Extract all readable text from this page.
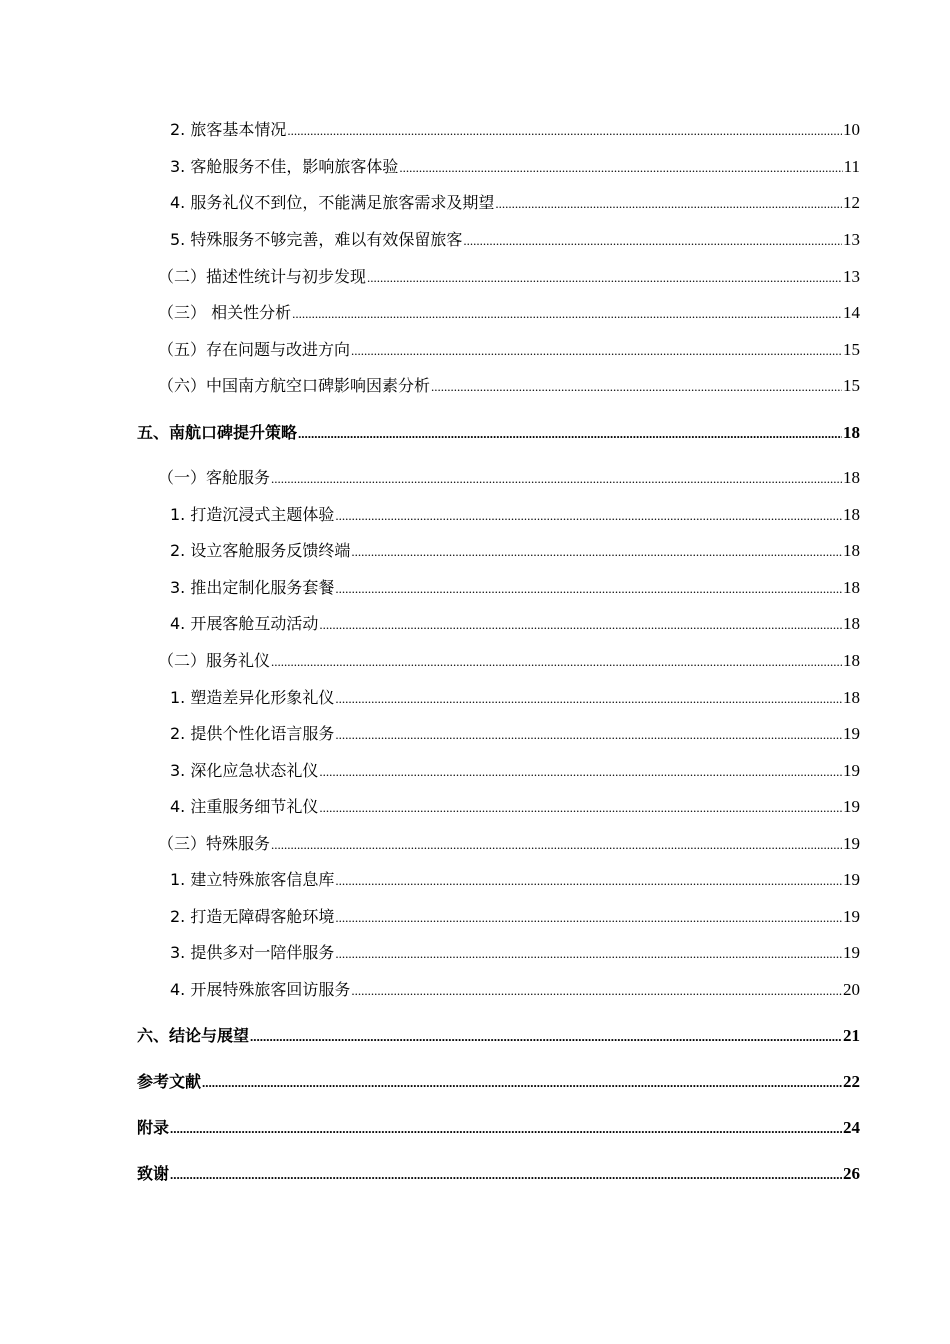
2. 旅客基本情况 .....	10
3. 客舱服务不佳，影响旅客体验 .....	11
4. 服务礼仪不到位，不能满足旅客需求及期望 .....	12
5. 特殊服务不够完善，难以有效保留旅客 .....	13
（二）描述性统计与初步发现 .....	13
（三） 相关性分析 .....	14
（五）存在问题与改进方向 .....	15
（六）中国南方航空口碑影响因素分析 .....	15
五、南航口碑提升策略 .....	18
（一）客舱服务 .....	18
1. 打造沉浸式主题体验 .....	18
2. 设立客舱服务反馈终端 .....	18
3. 推出定制化服务套餐 .....	18
4. 开展客舱互动活动 .....	18
（二）服务礼仪 .....	18
1. 塑造差异化形象礼仪 .....	18
2. 提供个性化语言服务 .....	19
3. 深化应急状态礼仪 .....	19
4. 注重服务细节礼仪 .....	19
（三）特殊服务 .....	19
1. 建立特殊旅客信息库 .....	19
2. 打造无障碍客舱环境 .....	19
3. 提供多对一陪伴服务 .....	19
4. 开展特殊旅客回访服务 .....	20
六、结论与展望 .....	21
参考文献 .....	22
附录 .....	24
致谢 .....	26
